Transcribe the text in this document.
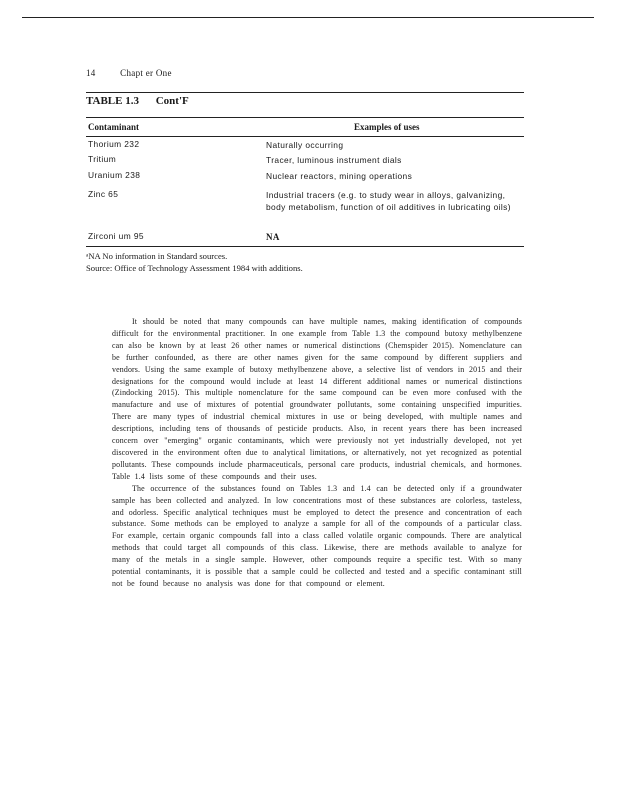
14	Chapt er One
TABLE 1.3 Cont'F
Contaminant	Examples of uses
Thorium 232	Naturally occurring
Tritium	Tracer, luminous instrument dials
Uranium 238	Nuclear reactors, mining operations
Zinc 65	Industrial tracers (e.g. to study wear in alloys, galvanizing, body metabolism, function of oil additives in lubricating oils)
Zirconi um 95	NA
ᵃNA No information in Standard sources.
Source: Office of Technology Assessment 1984 with additions.

It should be noted that many compounds can have multiple names, making identification of compounds difficult for the environmental practitioner. In one example from Table 1.3 the compound butoxy methylbenzene can also be known by at least 26 other names or numerical distinctions (Chemspider 2015). Nomenclature can be further confounded, as there are other names given for the same compound by different suppliers and vendors. Using the same example of butoxy methylbenzene above, a selective list of vendors in 2015 and their designations for the compound would include at least 14 different additional names or numerical distinctions (Zindocking 2015). This multiple nomenclature for the same compound can be even more confused with the manufacture and use of mixtures of potential groundwater pollutants, some containing unspecified impurities. There are many types of industrial chemical mixtures in use or being developed, with multiple names and descriptions, including tens of thousands of pesticide products. Also, in recent years there has been increased concern over "emerging" organic contaminants, which were previously not yet industrially developed, not yet discovered in the environment often due to analytical limitations, or alternatively, not yet recognized as potential pollutants. These compounds include pharmaceuticals, personal care products, industrial chemicals, and hormones. Table 1.4 lists some of these compounds and their uses.

The occurrence of the substances found on Tables 1.3 and 1.4 can be detected only if a groundwater sample has been collected and analyzed. In low concentrations most of these substances are colorless, tasteless, and odorless. Specific analytical techniques must be employed to detect the presence and concentration of each substance. Some methods can be employed to analyze a sample for all of the compounds of a particular class. For example, certain organic compounds fall into a class called volatile organic compounds. There are analytical methods that could target all compounds of this class. Likewise, there are methods available to analyze for many of the metals in a single sample. However, other compounds require a specific test. With so many potential contaminants, it is possible that a sample could be collected and tested and a specific contaminant still not be found because no analysis was done for that compound or element.
